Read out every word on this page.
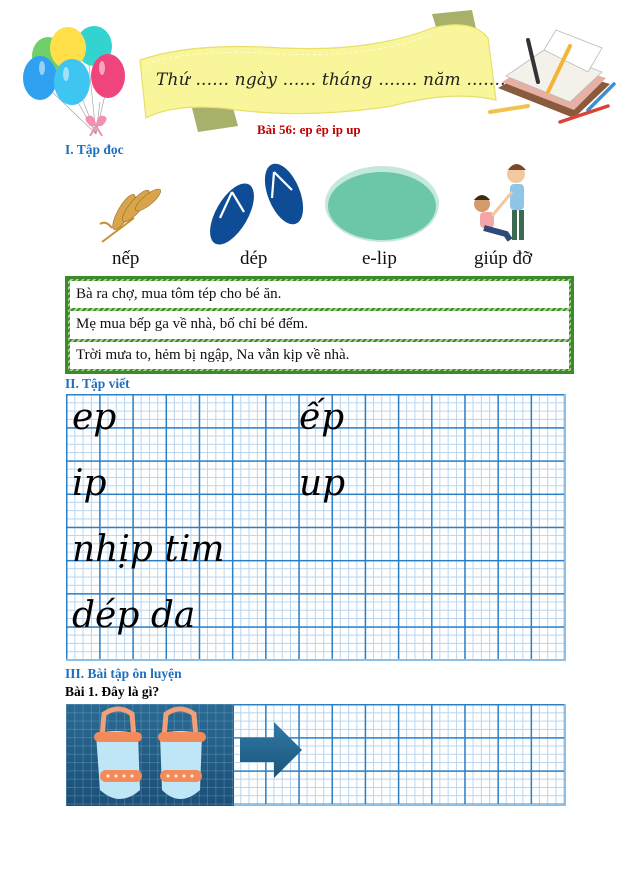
Thứ ...... ngày ...... tháng ....... năm .......
Bài 56: ep êp ip up
I. Tập đọc
nếp	dép	e-lip	giúp đỡ
Bà ra chợ, mua tôm tép cho bé ăn.
Mẹ mua bếp ga về nhà, bố chỉ bé đếm.
Trời mưa to, hẻm bị ngập, Na vẫn kịp về nhà.
II. Tập viết
ep	ếp
ip	up
nhịp tim
dép da
III. Bài tập ôn luyện
Bài 1. Đây là gì?
